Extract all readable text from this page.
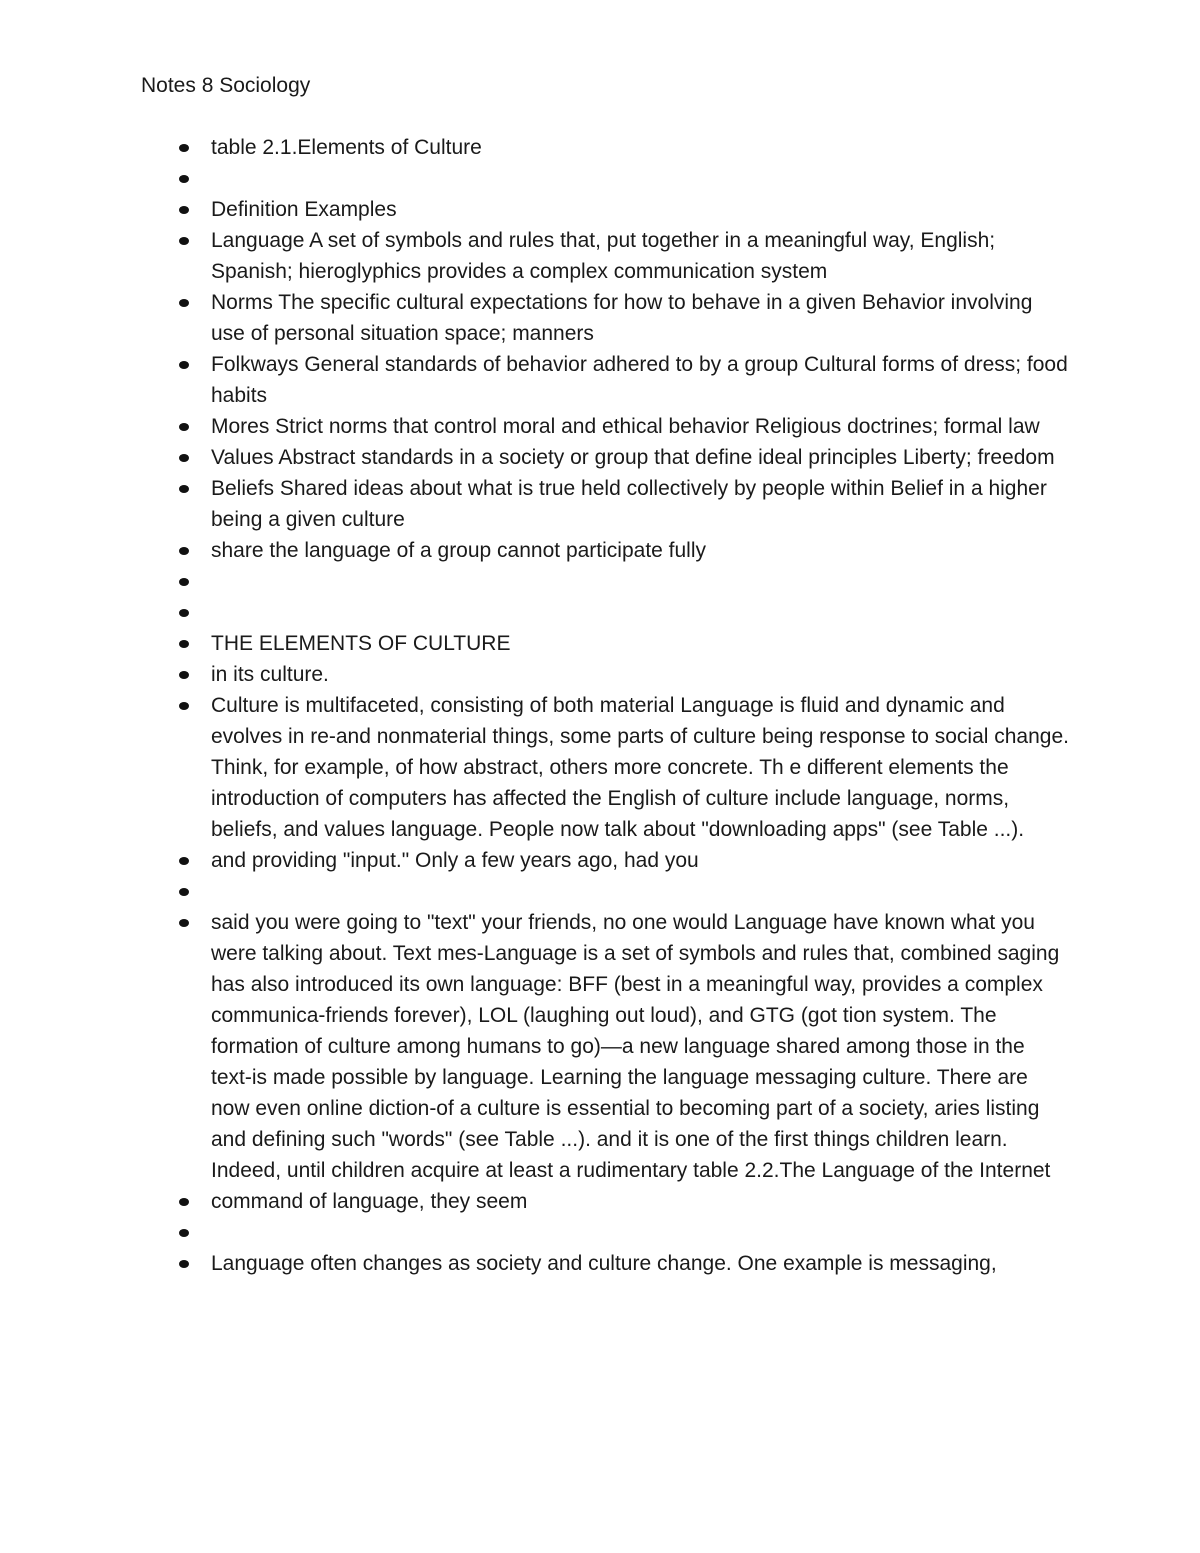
Notes 8 Sociology
table 2.1.Elements of Culture
Definition Examples
Language A set of symbols and rules that, put together in a meaningful way, English; Spanish; hieroglyphics provides a complex communication system
Norms The specific cultural expectations for how to behave in a given Behavior involving use of personal situation space; manners
Folkways General standards of behavior adhered to by a group Cultural forms of dress; food habits
Mores Strict norms that control moral and ethical behavior Religious doctrines; formal law
Values Abstract standards in a society or group that define ideal principles Liberty; freedom
Beliefs Shared ideas about what is true held collectively by people within Belief in a higher being a given culture
share the language of a group cannot participate fully
THE ELEMENTS OF CULTURE
in its culture.
Culture is multifaceted, consisting of both material Language is fluid and dynamic and evolves in re-and nonmaterial things, some parts of culture being response to social change. Think, for example, of how abstract, others more concrete. Th e different elements the introduction of computers has affected the English of culture include language, norms, beliefs, and values language. People now talk about "downloading apps" (see Table ...).
and providing "input." Only a few years ago, had you
said you were going to "text" your friends, no one would Language have known what you were talking about. Text mes-Language is a set of symbols and rules that, combined saging has also introduced its own language: BFF (best in a meaningful way, provides a complex communica-friends forever), LOL (laughing out loud), and GTG (got tion system. The formation of culture among humans to go)—a new language shared among those in the text-is made possible by language. Learning the language messaging culture. There are now even online diction-of a culture is essential to becoming part of a society, aries listing and defining such "words" (see Table ...). and it is one of the first things children learn. Indeed, until children acquire at least a rudimentary table 2.2.The Language of the Internet
command of language, they seem
Language often changes as society and culture change. One example is messaging,
